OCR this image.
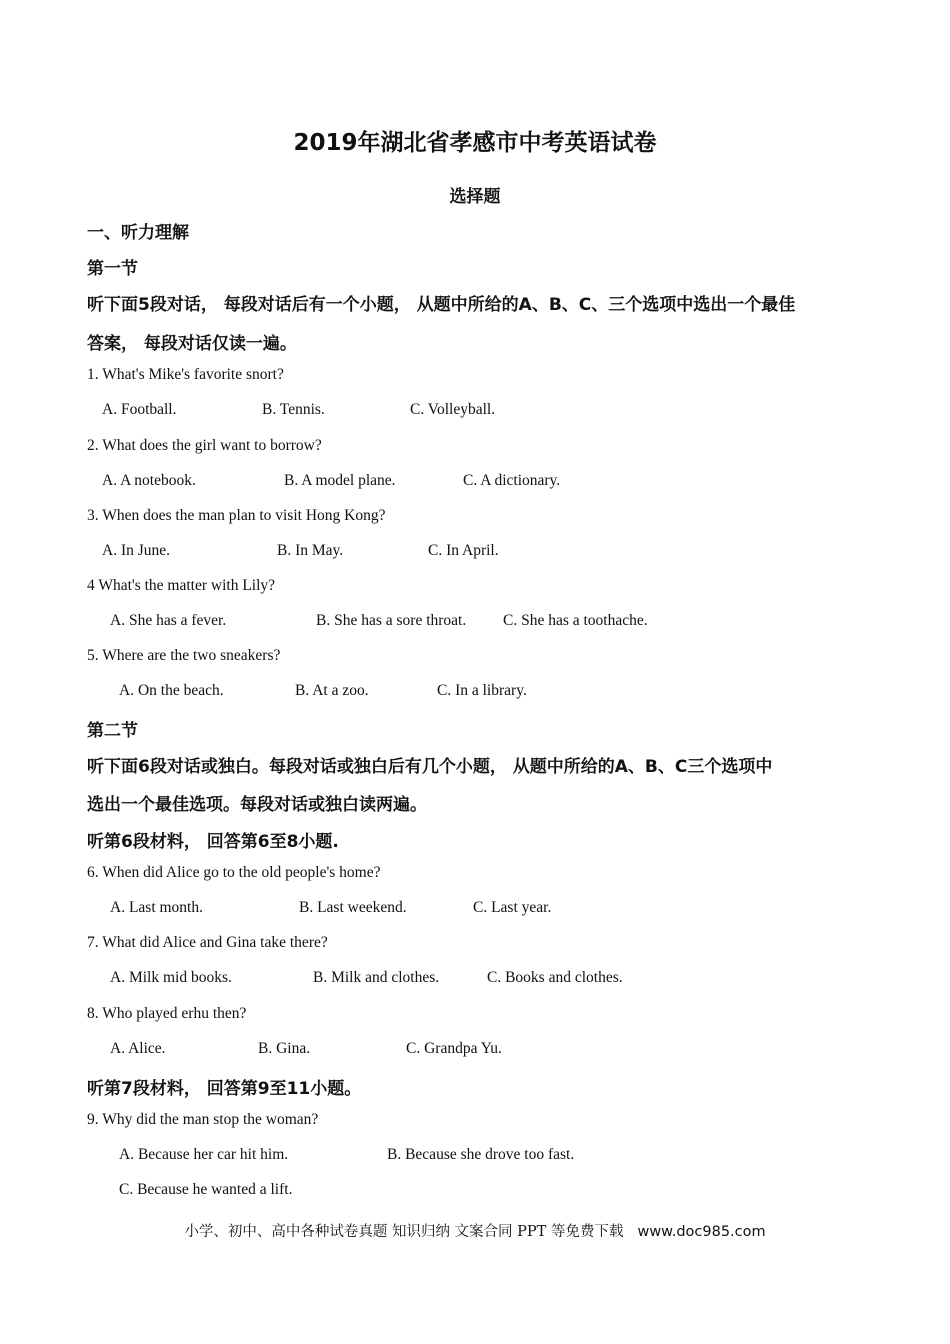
2019年湖北省孝感市中考英语试卷
选择题
一、听力理解
第一节
听下面5段对话， 每段对话后有一个小题， 从题中所给的A、B、C、三个选项中选出一个最佳
答案， 每段对话仅读一遍。
1. What's Mike's favorite snort?
A. Football.	B. Tennis.	C. Volleyball.
2. What does the girl want to borrow?
A. A notebook.	B. A model plane.	C. A dictionary.
3. When does the man plan to visit Hong Kong?
A. In June.	B. In May.	C. In April.
4 What's the matter with Lily?
A. She has a fever.	B. She has a sore throat. C. She has a toothache.
5. Where are the two sneakers?
A. On the beach.	B. At a zoo.	C. In a library.
第二节
听下面6段对话或独白。每段对话或独白后有几个小题， 从题中所给的A、B、C三个选项中
选出一个最佳选项。每段对话或独白读两遍。
听第6段材料， 回答第6至8小题.
6. When did Alice go to the old people's home?
A. Last month.	B. Last weekend.	C. Last year.
7. What did Alice and Gina take there?
A. Milk mid books.	B. Milk and clothes.	C. Books and clothes.
8. Who played erhu then?
A. Alice.	B. Gina.	C. Grandpa Yu.
听第7段材料， 回答第9至11小题。
9. Why did the man stop the woman?
A. Because her car hit him.	B. Because she drove too fast.
C. Because he wanted a lift.
小学、初中、高中各种试卷真题 知识归纳 文案合同 PPT 等免费下载 www.doc985.com
